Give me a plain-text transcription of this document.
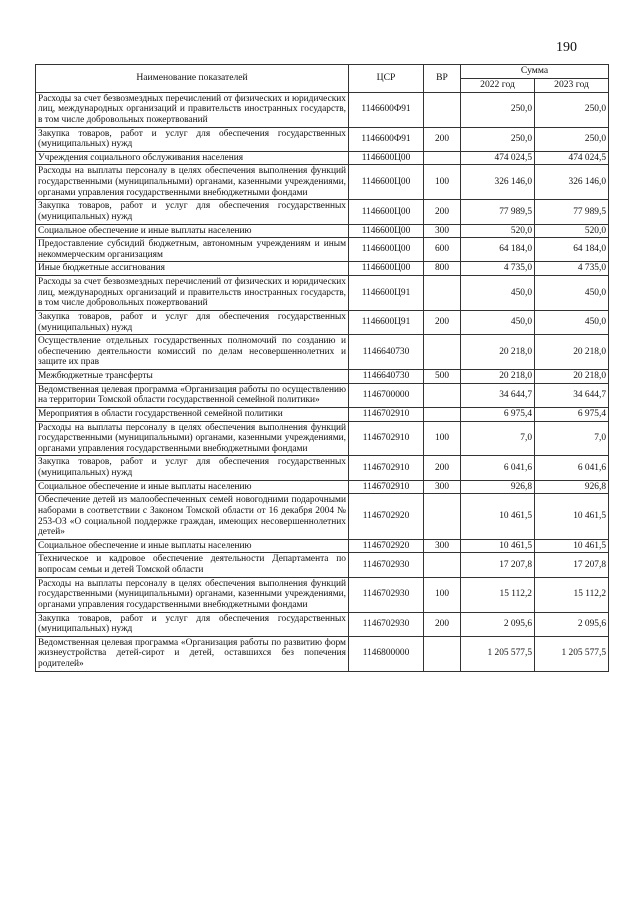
190
Наименование показателей	ЦСР	ВР	Сумма	
			2022 год	2023 год
Расходы за счет безвозмездных перечислений от физических и юридических лиц, международных организаций и правительств иностранных государств, в том числе добровольных пожертвований	1146600Ф91		250,0	250,0
Закупка товаров, работ и услуг для обеспечения государственных (муниципальных) нужд	1146600Ф91	200	250,0	250,0
Учреждения социального обслуживания населения	1146600Ц00		474 024,5	474 024,5
Расходы на выплаты персоналу в целях обеспечения выполнения функций государственными (муниципальными) органами, казенными учреждениями, органами управления государственными внебюджетными фондами	1146600Ц00	100	326 146,0	326 146,0
Закупка товаров, работ и услуг для обеспечения государственных (муниципальных) нужд	1146600Ц00	200	77 989,5	77 989,5
Социальное обеспечение и иные выплаты населению	1146600Ц00	300	520,0	520,0
Предоставление субсидий бюджетным, автономным учреждениям и иным некоммерческим организациям	1146600Ц00	600	64 184,0	64 184,0
Иные бюджетные ассигнования	1146600Ц00	800	4 735,0	4 735,0
Расходы за счет безвозмездных перечислений от физических и юридических лиц, международных организаций и правительств иностранных государств, в том числе добровольных пожертвований	1146600Ц91		450,0	450,0
Закупка товаров, работ и услуг для обеспечения государственных (муниципальных) нужд	1146600Ц91	200	450,0	450,0
Осуществление отдельных государственных полномочий по созданию и обеспечению деятельности комиссий по делам несовершеннолетних и защите их прав	1146640730		20 218,0	20 218,0
Межбюджетные трансферты	1146640730	500	20 218,0	20 218,0
Ведомственная целевая программа «Организация работы по осуществлению на территории Томской области государственной семейной политики»	1146700000		34 644,7	34 644,7
Мероприятия в области государственной семейной политики	1146702910		6 975,4	6 975,4
Расходы на выплаты персоналу в целях обеспечения выполнения функций государственными (муниципальными) органами, казенными учреждениями, органами управления государственными внебюджетными фондами	1146702910	100	7,0	7,0
Закупка товаров, работ и услуг для обеспечения государственных (муниципальных) нужд	1146702910	200	6 041,6	6 041,6
Социальное обеспечение и иные выплаты населению	1146702910	300	926,8	926,8
Обеспечение детей из малообеспеченных семей новогодними подарочными наборами в соответствии с Законом Томской области от 16 декабря 2004 № 253-ОЗ «О социальной поддержке граждан, имеющих несовершеннолетних детей»	1146702920		10 461,5	10 461,5
Социальное обеспечение и иные выплаты населению	1146702920	300	10 461,5	10 461,5
Техническое и кадровое обеспечение деятельности Департамента по вопросам семьи и детей Томской области	1146702930		17 207,8	17 207,8
Расходы на выплаты персоналу в целях обеспечения выполнения функций государственными (муниципальными) органами, казенными учреждениями, органами управления государственными внебюджетными фондами	1146702930	100	15 112,2	15 112,2
Закупка товаров, работ и услуг для обеспечения государственных (муниципальных) нужд	1146702930	200	2 095,6	2 095,6
Ведомственная целевая программа «Организация работы по развитию форм жизнеустройства детей-сирот и детей, оставшихся без попечения родителей»	1146800000		1 205 577,5	1 205 577,5
